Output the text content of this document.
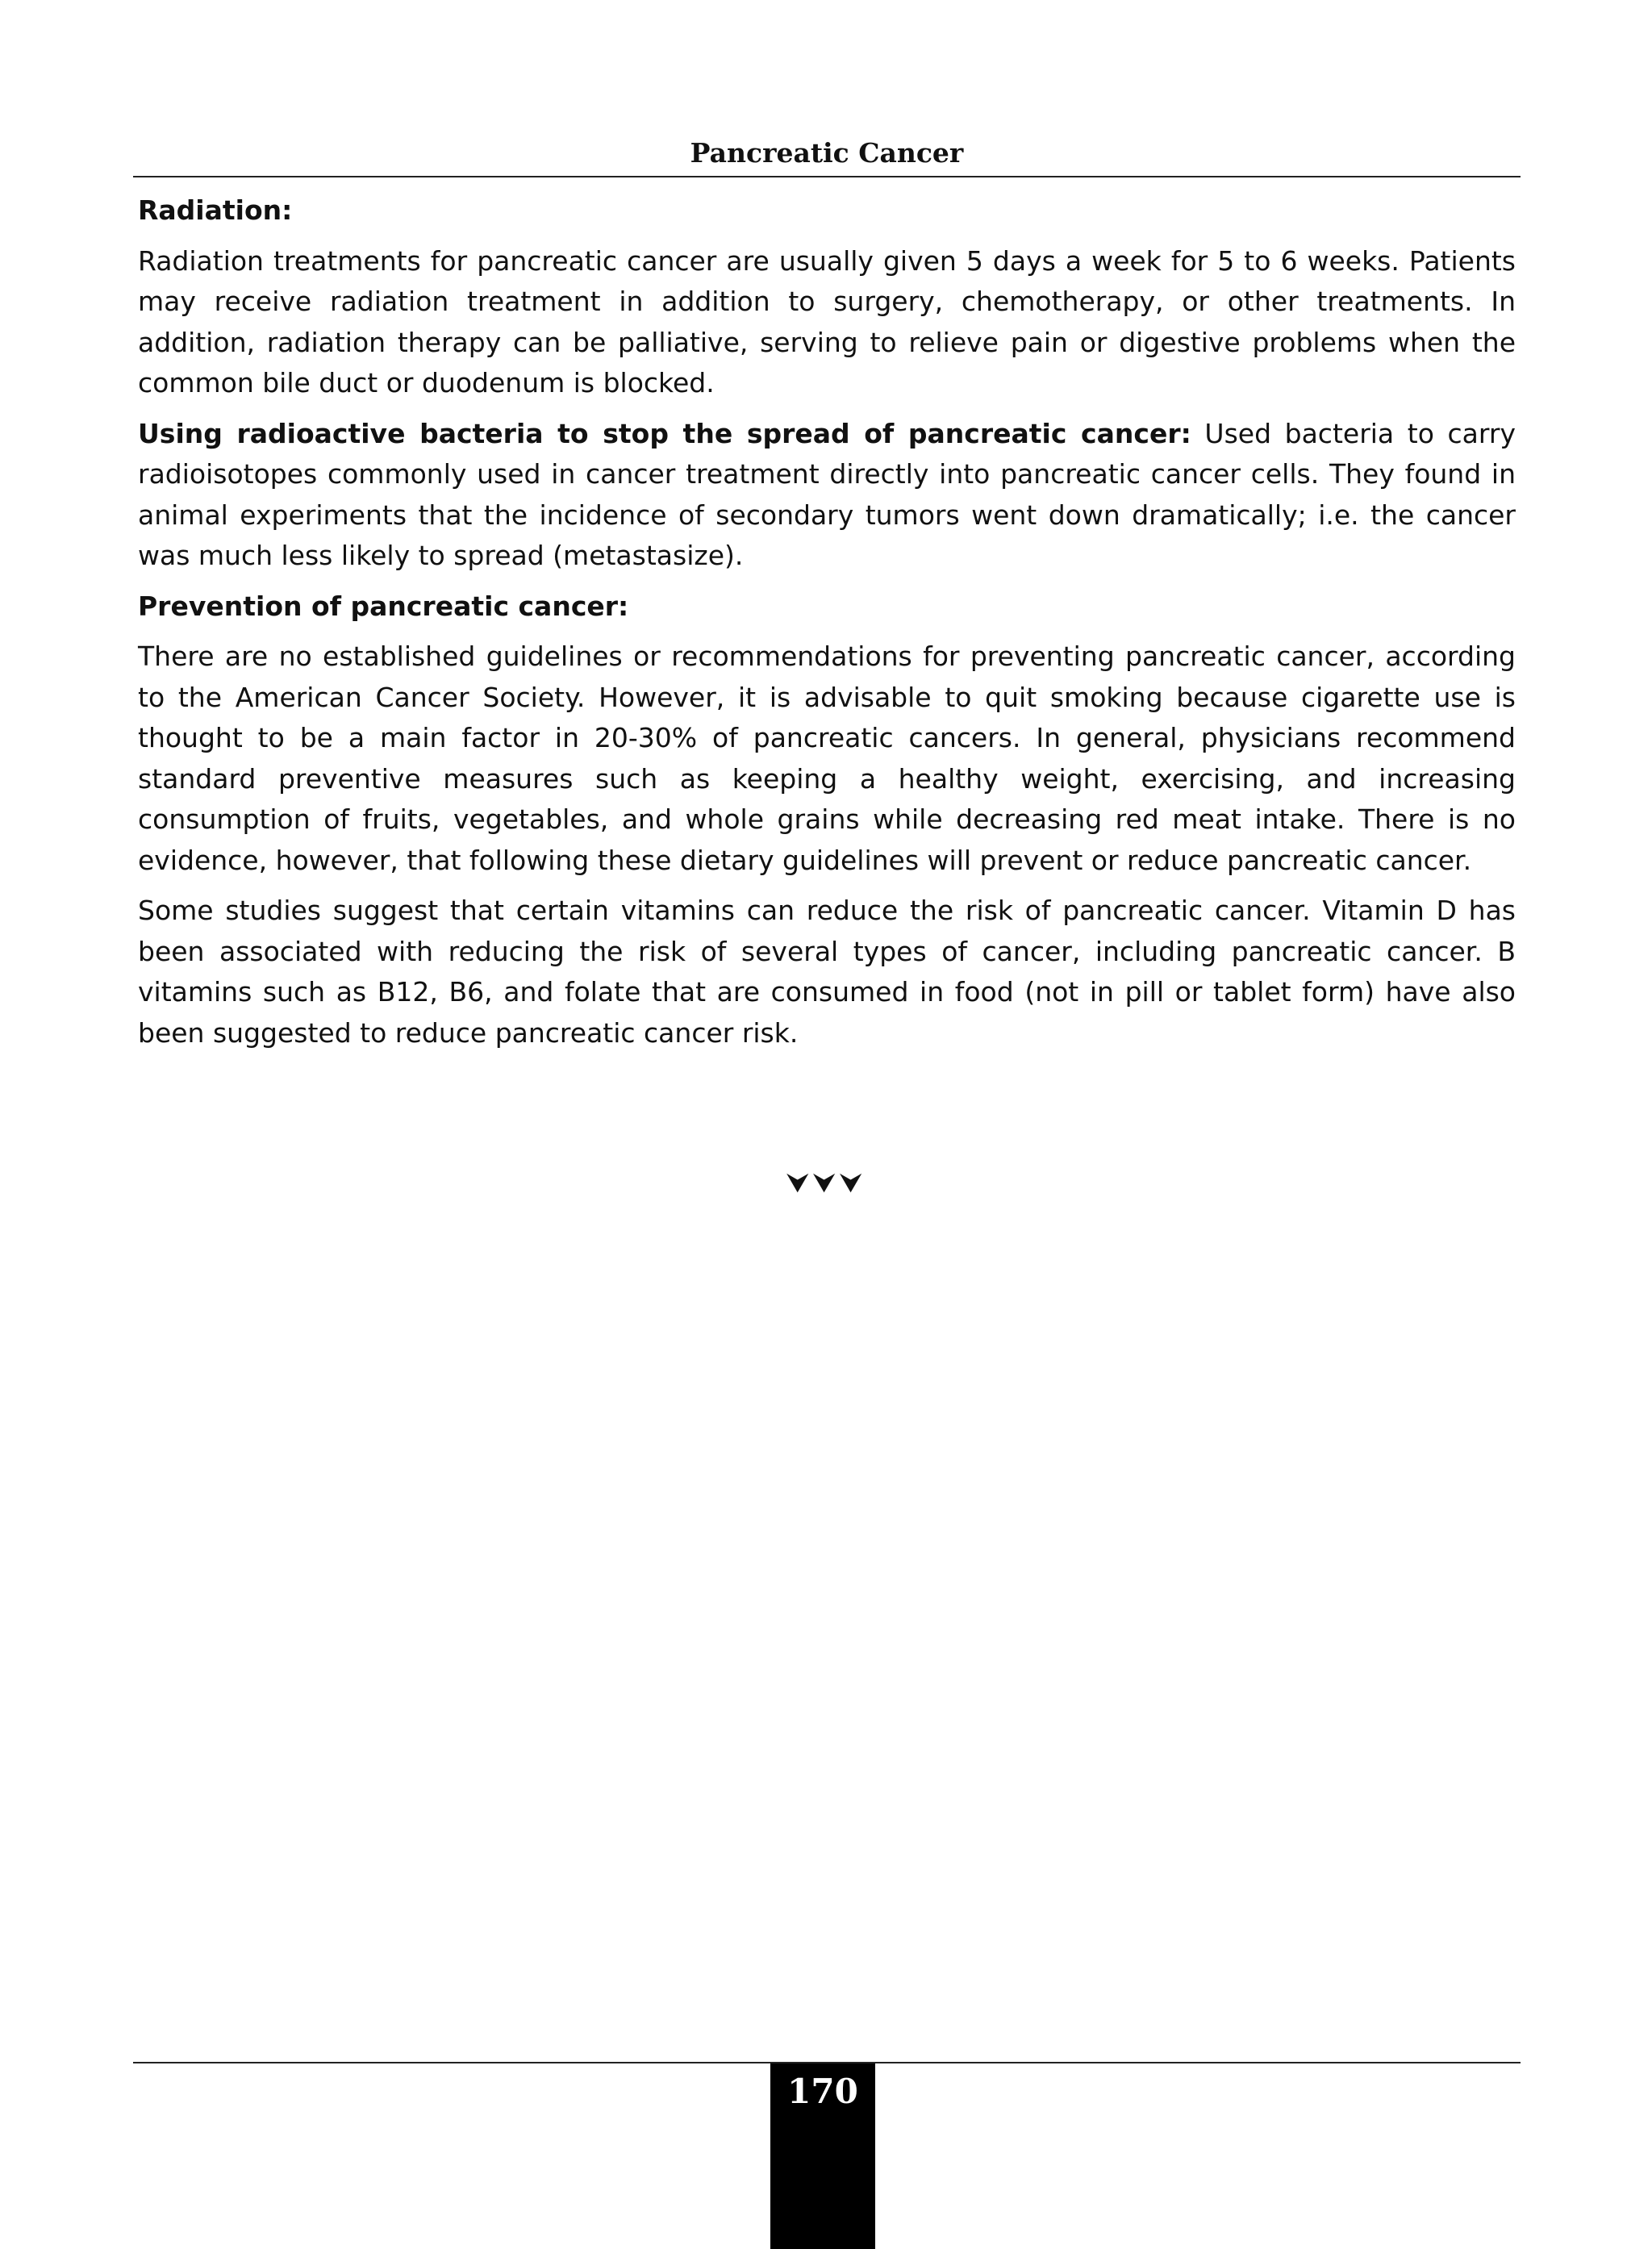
Pancreatic Cancer
Radiation:

Radiation treatments for pancreatic cancer are usually given 5 days a week for 5 to 6 weeks. Patients may receive radiation treatment in addition to surgery, chemotherapy, or other treatments. In addition, radiation therapy can be palliative, serving to relieve pain or digestive problems when the common bile duct or duodenum is blocked.

Using radioactive bacteria to stop the spread of pancreatic cancer: Used bacteria to carry radioisotopes commonly used in cancer treatment directly into pancreatic cancer cells. They found in animal experiments that the incidence of secondary tumors went down dramatically; i.e. the cancer was much less likely to spread (metastasize).

Prevention of pancreatic cancer:

There are no established guidelines or recommendations for preventing pancreatic cancer, according to the American Cancer Society. However, it is advisable to quit smoking because cigarette use is thought to be a main factor in 20-30% of pancreatic cancers. In general, physicians recommend standard preventive measures such as keeping a healthy weight, exercising, and increasing consumption of fruits, vegetables, and whole grains while decreasing red meat intake. There is no evidence, however, that following these dietary guidelines will prevent or reduce pancreatic cancer.

Some studies suggest that certain vitamins can reduce the risk of pancreatic cancer. Vitamin D has been associated with reducing the risk of several types of cancer, including pancreatic cancer. B vitamins such as B12, B6, and folate that are consumed in food (not in pill or tablet form) have also been suggested to reduce pancreatic cancer risk.

⮟⮟⮟
170
